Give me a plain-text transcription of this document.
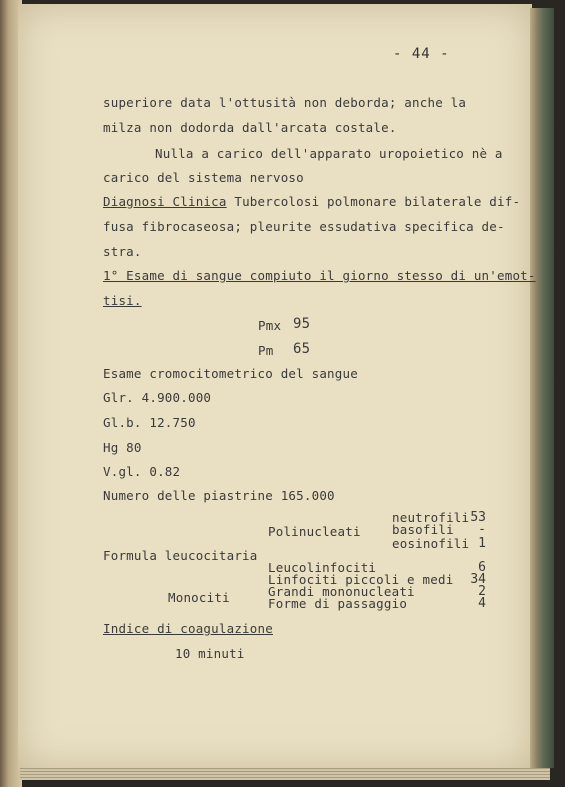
- 44 -
superiore data l'ottusità non deborda; anche la
milza non dodorda dall'arcata costale.
Nulla a carico dell'apparato uropoietico nè a
carico del sistema nervoso
Diagnosi Clinica Tubercolosi polmonare bilaterale dif-
fusa fibrocaseosa; pleurite essudativa specifica de-
stra.
1° Esame di sangue compiuto il giorno stesso di un'emot-
tisi.
Pmx 95
Pm 65
Esame cromocitometrico del sangue
Glr. 4.900.000
Gl.b. 12.750
Hg 80
V.gl. 0.82
Numero delle piastrine 165.000
Polinucleati
neutrofili 53
basofili	-
eosinofili 1
Formula leucocitaria
Leucolinfociti	6
Linfociti piccoli e medi	34
Monociti	Grandi mononucleati	2
Forme di passaggio	4
Indice di coagulazione
10 minuti
